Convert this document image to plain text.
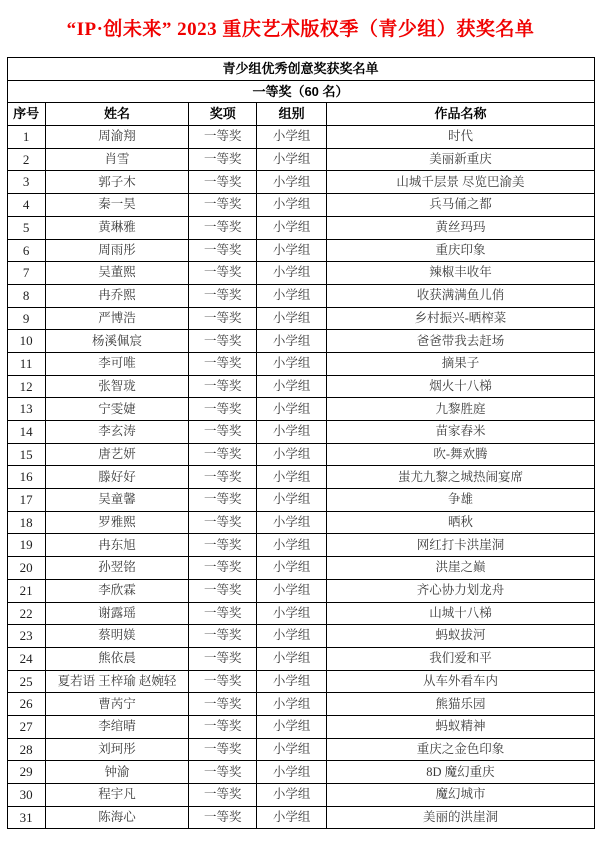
“IP·创未来” 2023 重庆艺术版权季（青少组）获奖名单
青少组优秀创意奖获奖名单				
一等奖（60 名）				
序号	姓名	奖项	组别	作品名称
1	周渝翔	一等奖	小学组	时代
2	肖雪	一等奖	小学组	美丽新重庆
3	郭子木	一等奖	小学组	山城千层景 尽览巴渝美
4	秦一昊	一等奖	小学组	兵马俑之都
5	黄琳雅	一等奖	小学组	黄丝玛玛
6	周雨彤	一等奖	小学组	重庆印象
7	吴董熙	一等奖	小学组	辣椒丰收年
8	冉乔熙	一等奖	小学组	收获满满鱼儿俏
9	严博浩	一等奖	小学组	乡村振兴-晒榨菜
10	杨溪佩宸	一等奖	小学组	爸爸带我去赶场
11	李可唯	一等奖	小学组	摘果子
12	张智珑	一等奖	小学组	烟火十八梯
13	宁雯婕	一等奖	小学组	九黎胜庭
14	李玄涛	一等奖	小学组	苗家舂米
15	唐艺妍	一等奖	小学组	吹-舞欢腾
16	滕好好	一等奖	小学组	蚩尤九黎之城热闹宴席
17	吴童馨	一等奖	小学组	争雄
18	罗雅熙	一等奖	小学组	晒秋
19	冉东旭	一等奖	小学组	网红打卡洪崖洞
20	孙翌铭	一等奖	小学组	洪崖之巅
21	李欣霖	一等奖	小学组	齐心协力划龙舟
22	谢露瑶	一等奖	小学组	山城十八梯
23	蔡明媄	一等奖	小学组	蚂蚁拔河
24	熊依晨	一等奖	小学组	我们爱和平
25	夏若语 王梓瑜 赵婉轻	一等奖	小学组	从车外看车内
26	曹芮宁	一等奖	小学组	熊猫乐园
27	李绾晴	一等奖	小学组	蚂蚁精神
28	刘珂彤	一等奖	小学组	重庆之金色印象
29	钟渝	一等奖	小学组	8D 魔幻重庆
30	程宇凡	一等奖	小学组	魔幻城市
31	陈海心	一等奖	小学组	美丽的洪崖洞
